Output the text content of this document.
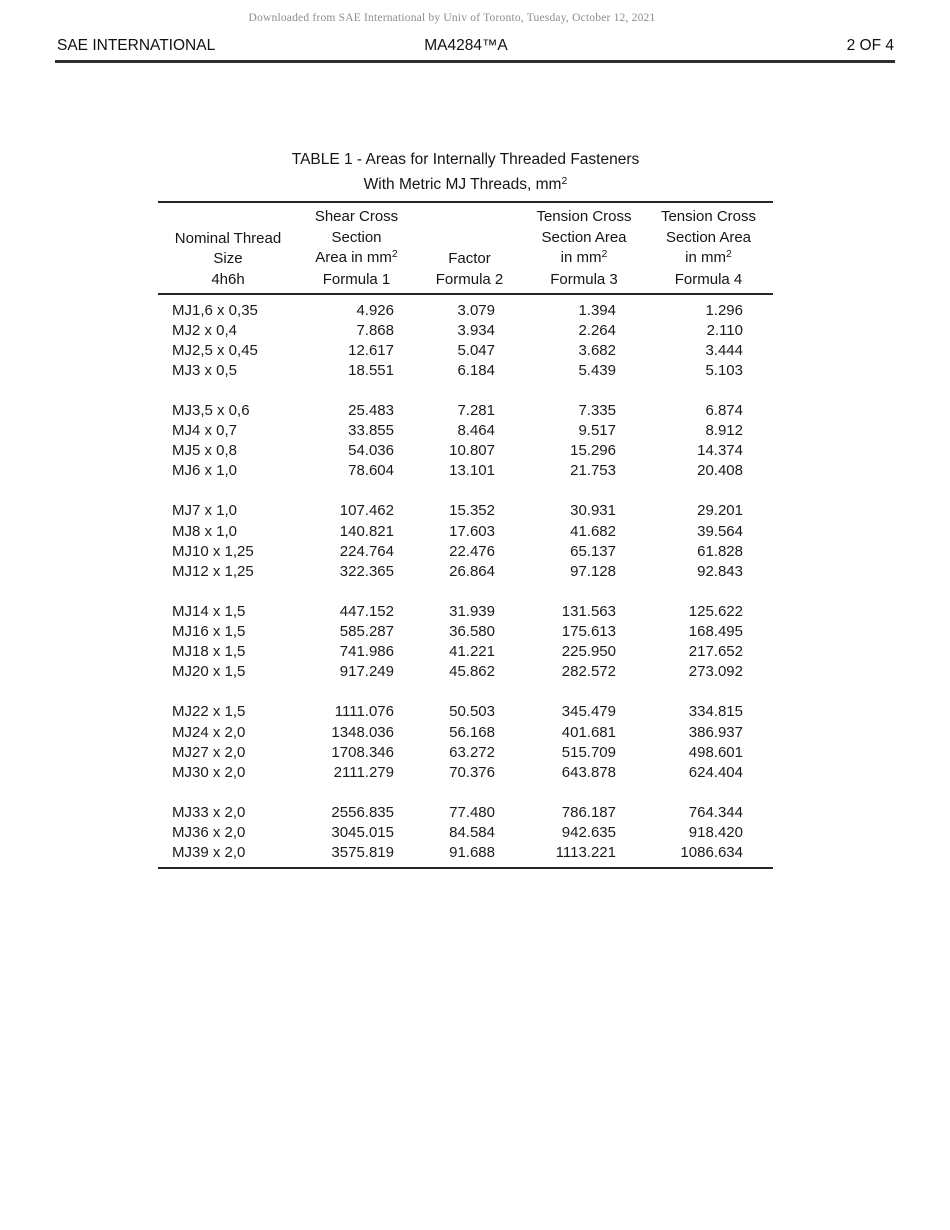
Downloaded from SAE International by Univ of Toronto, Tuesday, October 12, 2021
SAE INTERNATIONAL	MA4284™A	2 OF 4
TABLE 1 - Areas for Internally Threaded Fasteners
With Metric MJ Threads, $mm^2$
Nominal Thread
Size
4h6h
Shear Cross
Section
Area in $mm^2$
Formula 1
Factor
Formula 2
Tension Cross
Section Area
in $mm^2$
Formula 3
Tension Cross
Section Area
in $mm^2$
Formula 4
MJ1,6 x 0,35	4.926	3.079	1.394	1.296
MJ2 x 0,4	7.868	3.934	2.264	2.110
MJ2,5 x 0,45	12.617	5.047	3.682	3.444
MJ3 x 0,5	18.551	6.184	5.439	5.103
MJ3,5 x 0,6	25.483	7.281	7.335	6.874
MJ4 x 0,7	33.855	8.464	9.517	8.912
MJ5 x 0,8	54.036	10.807	15.296	14.374
MJ6 x 1,0	78.604	13.101	21.753	20.408
MJ7 x 1,0	107.462	15.352	30.931	29.201
MJ8 x 1,0	140.821	17.603	41.682	39.564
MJ10 x 1,25	224.764	22.476	65.137	61.828
MJ12 x 1,25	322.365	26.864	97.128	92.843
MJ14 x 1,5	447.152	31.939	131.563	125.622
MJ16 x 1,5	585.287	36.580	175.613	168.495
MJ18 x 1,5	741.986	41.221	225.950	217.652
MJ20 x 1,5	917.249	45.862	282.572	273.092
MJ22 x 1,5	1111.076	50.503	345.479	334.815
MJ24 x 2,0	1348.036	56.168	401.681	386.937
MJ27 x 2,0	1708.346	63.272	515.709	498.601
MJ30 x 2,0	2111.279	70.376	643.878	624.404
MJ33 x 2,0	2556.835	77.480	786.187	764.344
MJ36 x 2,0	3045.015	84.584	942.635	918.420
MJ39 x 2,0	3575.819	91.688	1113.221	1086.634
